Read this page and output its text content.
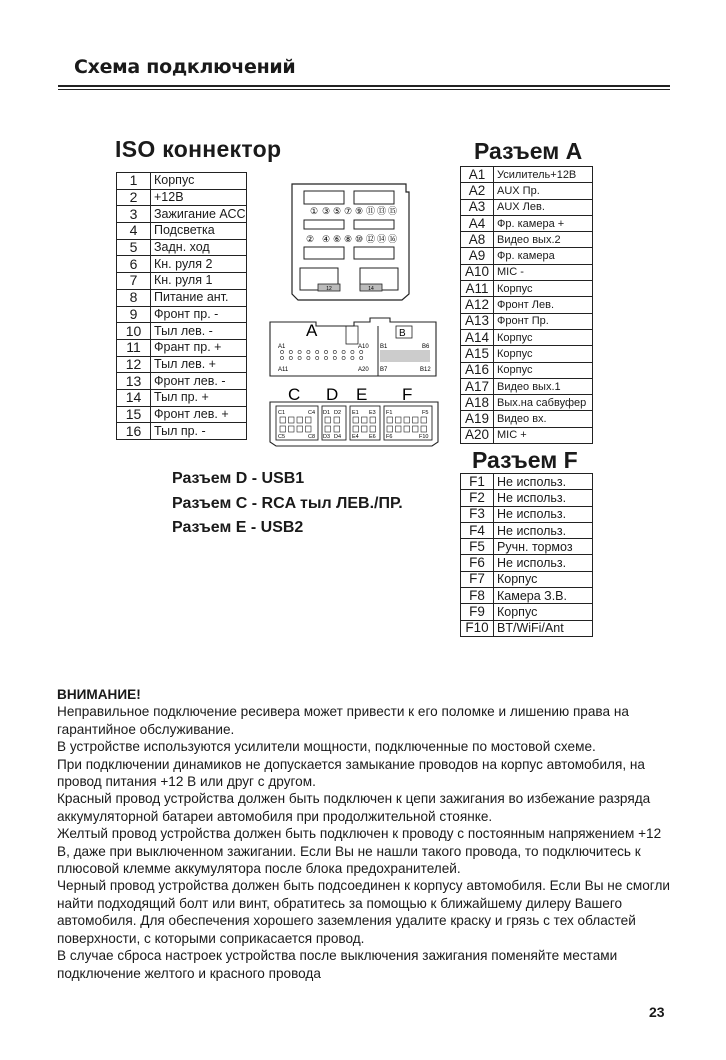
Схема подключений
ISO коннектор
1	Корпус
2	+12В
3	Зажигание АСС
4	Подсветка
5	Задн. ход
6	Кн. руля 2
7	Кн. руля 1
8	Питание ант.
9	Фронт пр. -
10	Тыл лев. -
11	Франт пр. +
12	Тыл лев. +
13	Фронт лев. -
14	Тыл пр. +
15	Фронт лев. +
16	Тыл пр. -
Разъем А
A1	Усилитель+12В
A2	AUX Пр.
A3	AUX Лев.
A4	Фр. камера +
A8	Видео вых.2
A9	Фр. камера
A10	MIC -
A11	Корпус
A12	Фронт Лев.
A13	Фронт Пр.
A14	Корпус
A15	Корпус
A16	Корпус
A17	Видео вых.1
A18	Вых.на сабвуфер
A19	Видео вх.
A20	MIC +
Разъем F
F1	Не использ.
F2	Не использ.
F3	Не использ.
F4	Не использ.
F5	Ручн. тормоз
F6	Не использ.
F7	Корпус
F8	Камера З.В.
F9	Корпус
F10	BT/WiFi/Ant
Разъем D - USB1
Разъем C - RCA тыл ЛЕВ./ПР.
Разъем E - USB2
12	14
① ③ ⑤ ⑦ ⑨ ⑪ ⑬ ⑮
② ④ ⑥ ⑧ ⑩ ⑫ ⑭ ⑯
A	B
A1	A10
A11	A20
B1	B6
B7	B12
C D E F
C1	C4
C5	C8
D1 D2
D3 D4
E1 E3
E4 E6
F1	F5
F6	F10

ВНИМАНИЕ!

Неправильное подключение ресивера может привести к его поломке и лишению права на гарантийное обслуживание.

В устройстве используются усилители мощности, подключенные по мостовой схеме.

При подключении динамиков не допускается замыкание проводов на корпус автомобиля, на провод питания +12 В или друг с другом.

Красный провод устройства должен быть подключен к цепи зажигания во избежание разряда аккумуляторной батареи автомобиля при продолжительной стоянке.

Желтый провод устройства должен быть подключен к проводу с постоянным напряжением +12 В, даже при выключенном зажигании. Если Вы не нашли такого провода, то подключитесь к плюсовой клемме аккумулятора после блока предохранителей.

Черный провод устройства должен быть подсоединен к корпусу автомобиля. Если Вы не смогли найти подходящий болт или винт, обратитесь за помощью к ближайшему дилеру Вашего автомобиля. Для обеспечения хорошего заземления удалите краску и грязь с тех областей поверхности, с которыми соприкасается провод.

В случае сброса настроек устройства после выключения зажигания поменяйте местами подключение желтого и красного провода

23
